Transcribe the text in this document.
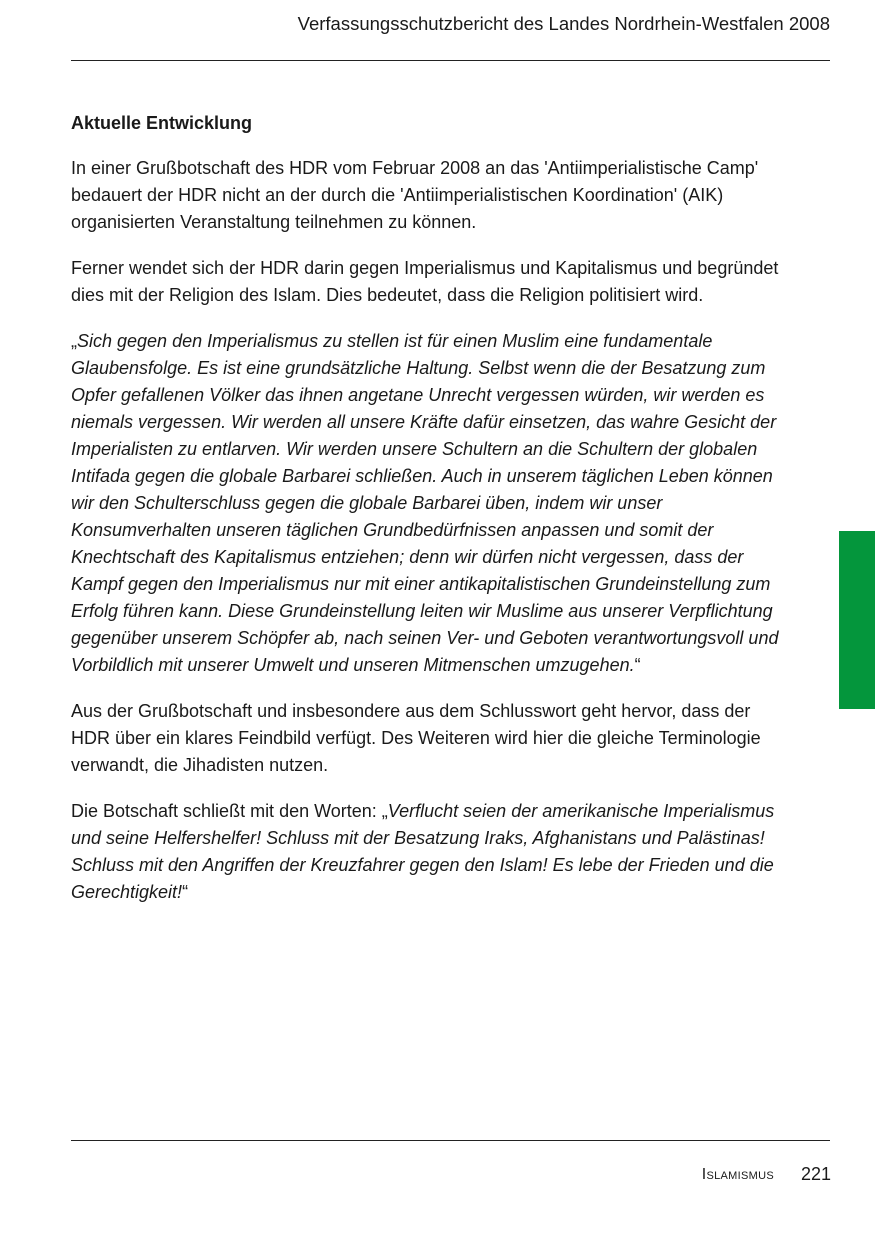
Verfassungsschutzbericht des Landes Nordrhein-Westfalen 2008

Aktuelle Entwicklung

In einer Grußbotschaft des HDR vom Februar 2008 an das 'Antiimperialistische Camp' bedauert der HDR nicht an der durch die 'Antiimperialistischen Koordination' (AIK) organisierten Veranstaltung teilnehmen zu können.

Ferner wendet sich der HDR darin gegen Imperialismus und Kapitalismus und begründet dies mit der Religion des Islam. Dies bedeutet, dass die Religion politisiert wird.

„Sich gegen den Imperialismus zu stellen ist für einen Muslim eine fundamentale Glaubensfolge. Es ist eine grundsätzliche Haltung. Selbst wenn die der Besatzung zum Opfer gefallenen Völker das ihnen angetane Unrecht vergessen würden, wir werden es niemals vergessen. Wir werden all unsere Kräfte dafür einsetzen, das wahre Gesicht der Imperialisten zu entlarven. Wir werden unsere Schultern an die Schultern der globalen Intifada gegen die globale Barbarei schließen. Auch in unserem täglichen Leben können wir den Schulterschluss gegen die globale Barbarei üben, indem wir unser Konsumverhalten unseren täglichen Grundbedürfnissen anpassen und somit der Knechtschaft des Kapitalismus entziehen; denn wir dürfen nicht vergessen, dass der Kampf gegen den Imperialismus nur mit einer antikapitalistischen Grundeinstellung zum Erfolg führen kann. Diese Grundeinstellung leiten wir Muslime aus unserer Verpflichtung gegenüber unserem Schöpfer ab, nach seinen Ver- und Geboten verantwortungsvoll und Vorbildlich mit unserer Umwelt und unseren Mitmenschen umzugehen.“

Aus der Grußbotschaft und insbesondere aus dem Schlusswort geht hervor, dass der HDR über ein klares Feindbild verfügt. Des Weiteren wird hier die gleiche Terminologie verwandt, die Jihadisten nutzen.

Die Botschaft schließt mit den Worten: „Verflucht seien der amerikanische Imperialismus und seine Helfershelfer! Schluss mit der Besatzung Iraks, Afghanistans und Palästinas! Schluss mit den Angriffen der Kreuzfahrer gegen den Islam! Es lebe der Frieden und die Gerechtigkeit!“

Islamismus 221
